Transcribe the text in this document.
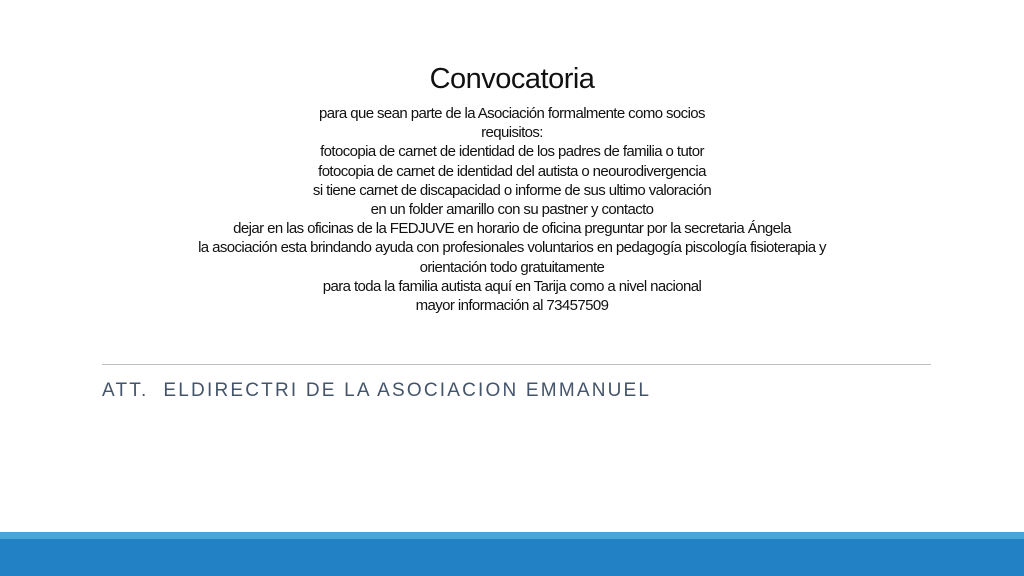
Convocatoria
para que sean parte de la Asociación formalmente como socios
requisitos:
fotocopia de carnet de identidad de los padres de familia o tutor
fotocopia de carnet de identidad del autista o neourodivergencia
si tiene carnet de discapacidad o informe de sus ultimo valoración
en un folder amarillo con su pastner y contacto
dejar en las oficinas de la FEDJUVE en horario de oficina preguntar por la secretaria Ángela
la asociación esta brindando ayuda con profesionales voluntarios en pedagogía piscología fisioterapia y
orientación todo gratuitamente
para toda la familia autista aquí en Tarija como a nivel nacional
mayor información al 73457509
ATT.  ELDIRECTRI DE LA ASOCIACION EMMANUEL
